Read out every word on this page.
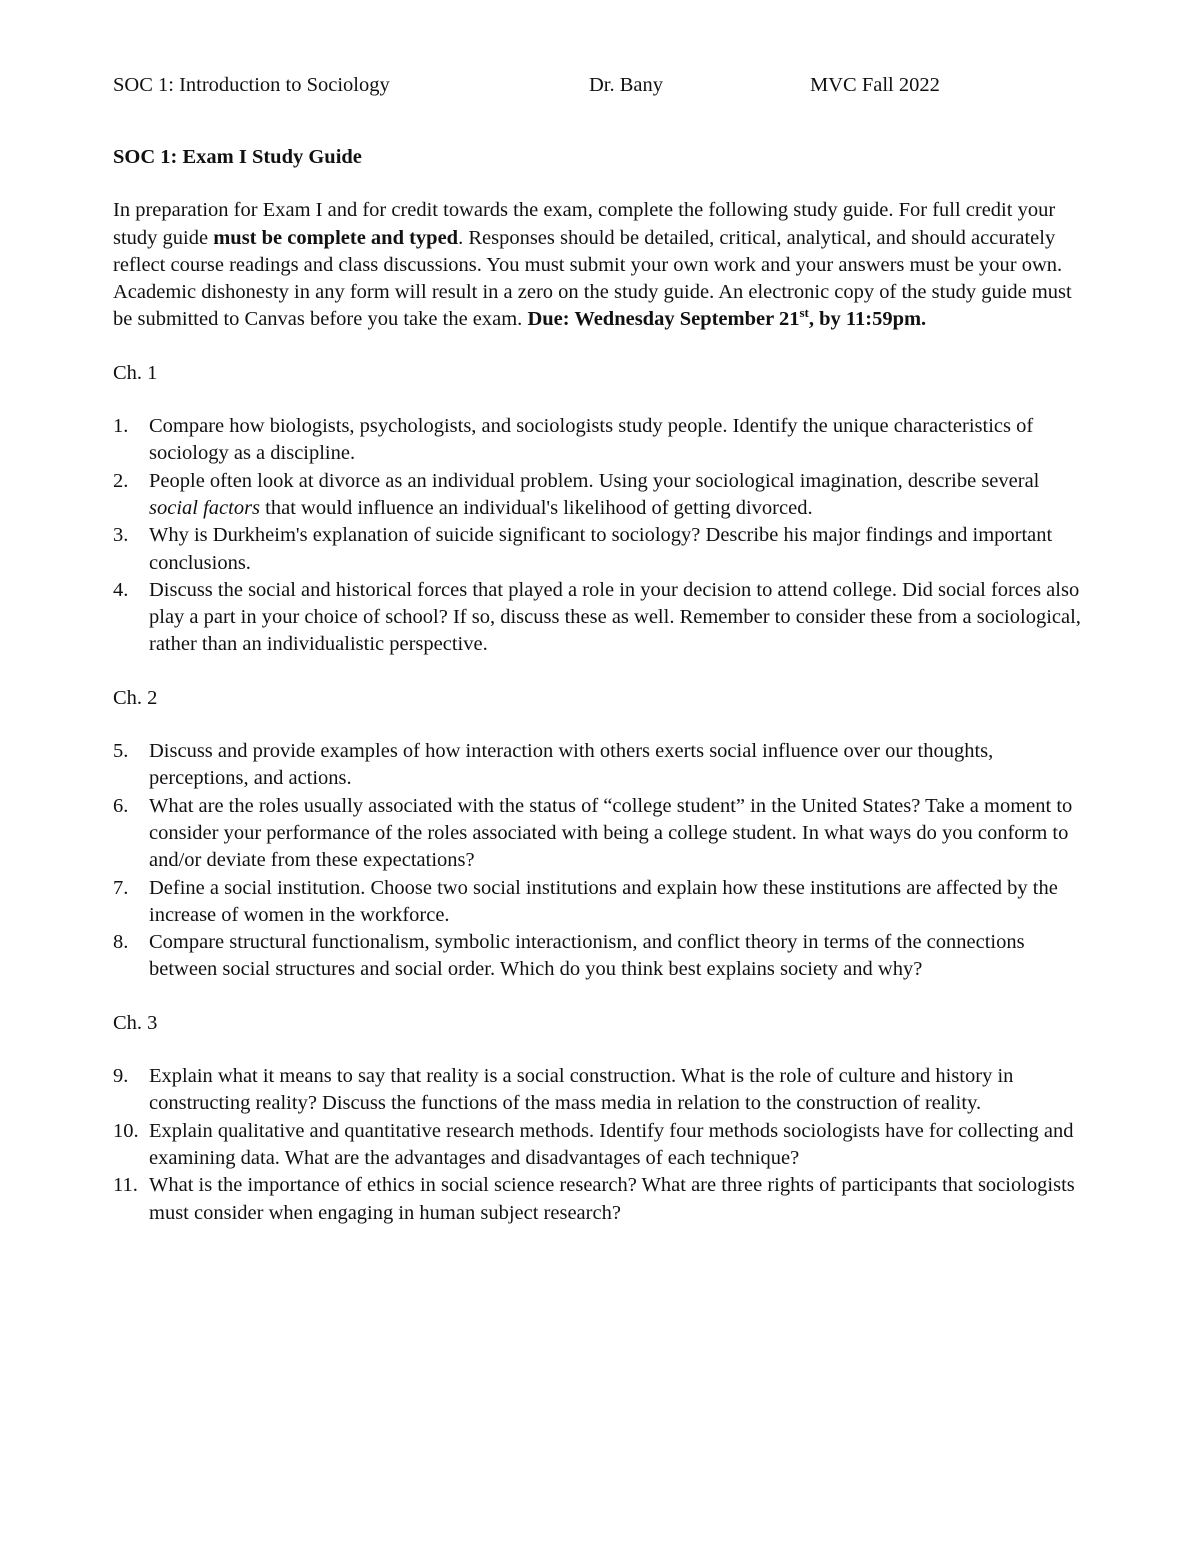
SOC 1: Introduction to Sociology	Dr. Bany	MVC Fall 2022
SOC 1: Exam I Study Guide

In preparation for Exam I and for credit towards the exam, complete the following study guide. For full credit your study guide must be complete and typed. Responses should be detailed, critical, analytical, and should accurately reflect course readings and class discussions. You must submit your own work and your answers must be your own. Academic dishonesty in any form will result in a zero on the study guide. An electronic copy of the study guide must be submitted to Canvas before you take the exam. Due: Wednesday September 21st, by 11:59pm.

Ch. 1
1. Compare how biologists, psychologists, and sociologists study people. Identify the unique characteristics of sociology as a discipline.
2. People often look at divorce as an individual problem. Using your sociological imagination, describe several social factors that would influence an individual's likelihood of getting divorced.
3. Why is Durkheim's explanation of suicide significant to sociology? Describe his major findings and important conclusions.
4. Discuss the social and historical forces that played a role in your decision to attend college. Did social forces also play a part in your choice of school? If so, discuss these as well. Remember to consider these from a sociological, rather than an individualistic perspective.
Ch. 2
5. Discuss and provide examples of how interaction with others exerts social influence over our thoughts, perceptions, and actions.
6. What are the roles usually associated with the status of “college student” in the United States? Take a moment to consider your performance of the roles associated with being a college student. In what ways do you conform to and/or deviate from these expectations?
7. Define a social institution. Choose two social institutions and explain how these institutions are affected by the increase of women in the workforce.
8. Compare structural functionalism, symbolic interactionism, and conflict theory in terms of the connections between social structures and social order. Which do you think best explains society and why?
Ch. 3
9. Explain what it means to say that reality is a social construction. What is the role of culture and history in constructing reality? Discuss the functions of the mass media in relation to the construction of reality.
10. Explain qualitative and quantitative research methods. Identify four methods sociologists have for collecting and examining data. What are the advantages and disadvantages of each technique?
11. What is the importance of ethics in social science research? What are three rights of participants that sociologists must consider when engaging in human subject research?
